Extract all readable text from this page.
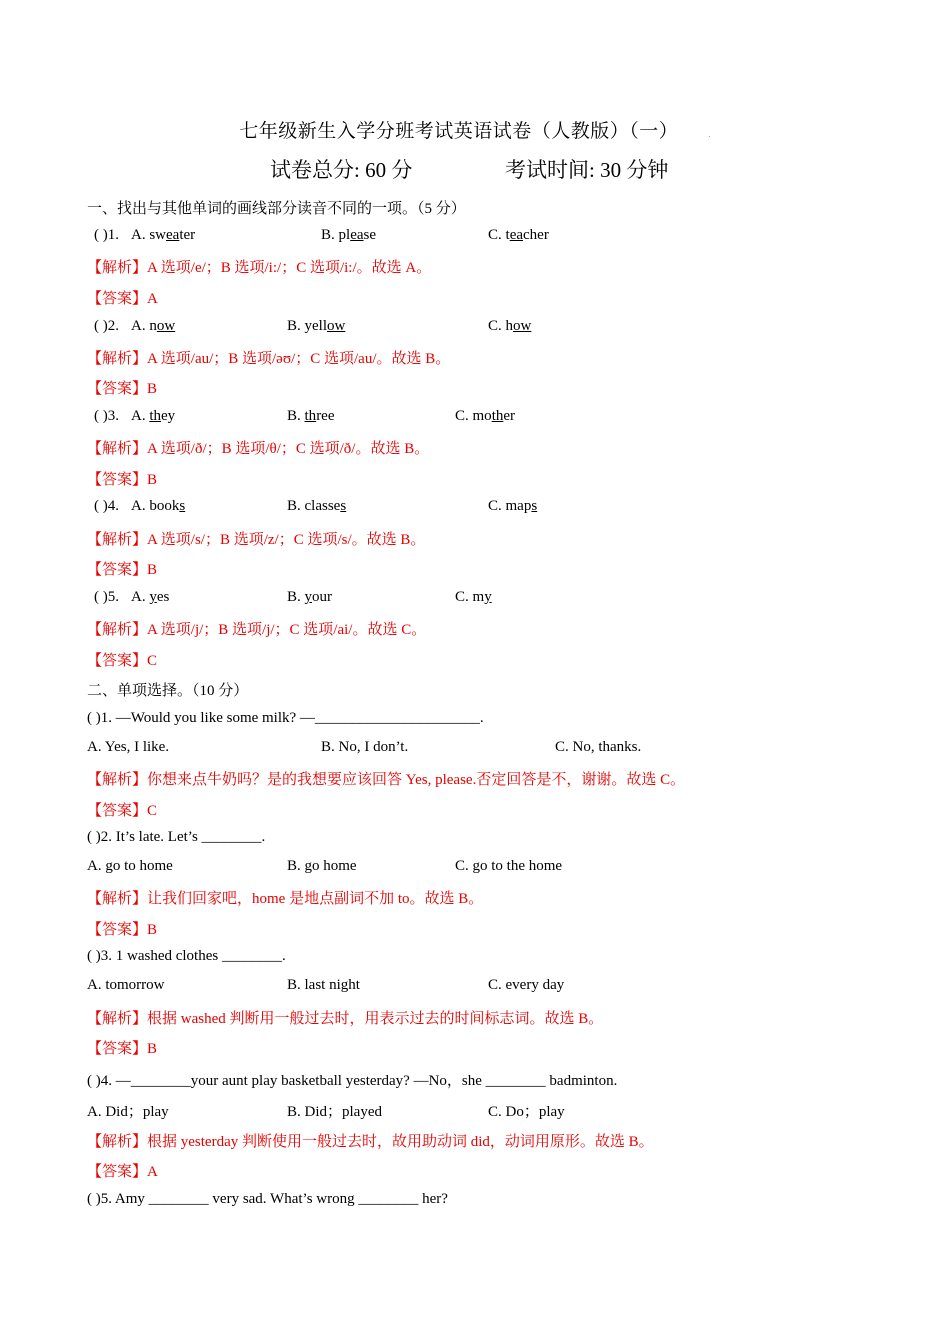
七年级新生入学分班考试英语试卷（人教版）（一）	.
试卷总分: 60 分	考试时间: 30 分钟
一、找出与其他单词的画线部分读音不同的一项。（5 分）
( )1. A. sweater	B. please	C. teacher
【解析】A 选项/e/；B 选项/i:/；C 选项/i:/。故选 A。
【答案】A
( )2. A. now	B. yellow	C. how
【解析】A 选项/au/；B 选项/əʊ/；C 选项/au/。故选 B。
【答案】B
( )3. A. they	B. three	C. mother
【解析】A 选项/ð/；B 选项/θ/；C 选项/ð/。故选 B。
【答案】B
( )4. A. books	B. classes	C. maps
【解析】A 选项/s/；B 选项/z/；C 选项/s/。故选 B。
【答案】B
( )5. A. yes	B. your	C. my
【解析】A 选项/j/；B 选项/j/；C 选项/ai/。故选 C。
【答案】C
二、单项选择。（10 分）
( )1. —Would you like some milk? —______________________.
A. Yes, I like.	B. No, I don’t.	C. No, thanks.
【解析】你想来点牛奶吗？是的我想要应该回答 Yes, please.否定回答是不，谢谢。故选 C。
【答案】C
( )2. It’s late. Let’s ________.
A. go to home	B. go home	C. go to the home
【解析】让我们回家吧，home 是地点副词不加 to。故选 B。
【答案】B
( )3. 1 washed clothes ________.
A. tomorrow	B. last night	C. every day
【解析】根据 washed 判断用一般过去时，用表示过去的时间标志词。故选 B。
【答案】B
( )4. —________your aunt play basketball yesterday? —No，she ________ badminton.
A. Did；play	B. Did；played	C. Do；play
【解析】根据 yesterday 判断使用一般过去时，故用助动词 did，动词用原形。故选 B。
【答案】A
( )5. Amy ________ very sad. What’s wrong ________ her?
